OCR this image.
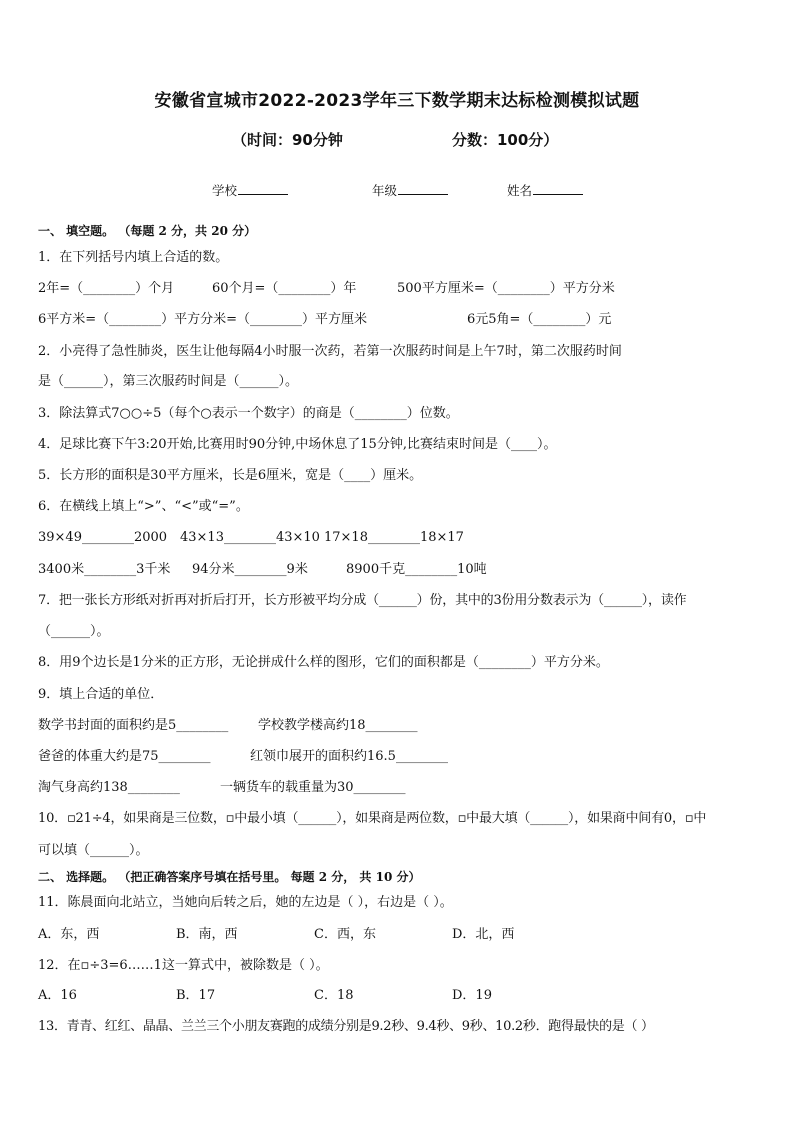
安徽省宣城市2022-2023学年三下数学期末达标检测模拟试题
（时间：90分钟	分数：100分）
学校	年级	姓名
一、 填空题。 （每题 2 分，共 20 分）
1．在下列括号内填上合适的数。
2年=（________）个月	60个月=（________）年	500平方厘米=（________）平方分米
6平方米=（________）平方分米=（________）平方厘米	6元5角=（________）元
2．小亮得了急性肺炎，医生让他每隔4小时服一次药，若第一次服药时间是上午7时，第二次服药时间
是（______），第三次服药时间是（______）。
3．除法算式7○○÷5（每个○表示一个数字）的商是（________）位数。
4．足球比赛下午3:20开始,比赛用时90分钟,中场休息了15分钟,比赛结束时间是（____）。
5．长方形的面积是30平方厘米，长是6厘米，宽是（____）厘米。
6．在横线上填上“>”、“<”或“=”。
39×49________2000 43×13________43×10 17×18________18×17
3400米________3千米 94分米________9米	8900千克________10吨
7．把一张长方形纸对折再对折后打开，长方形被平均分成（______）份，其中的3份用分数表示为（______），读作
（______）。
8．用9个边长是1分米的正方形，无论拼成什么样的图形，它们的面积都是（________）平方分米。
9．填上合适的单位．
数学书封面的面积约是5________ 学校教学楼高约18________
爸爸的体重大约是75________	红领巾展开的面积约16.5________
淘气身高约138________	一辆货车的载重量为30________
10．▫21÷4，如果商是三位数，▫中最小填（______），如果商是两位数，▫中最大填（______），如果商中间有0，▫中
可以填（______）。
二、 选择题。 （把正确答案序号填在括号里。 每题 2 分， 共 10 分）
11．陈晨面向北站立，当她向后转之后，她的左边是（ ），右边是（ ）。
A．东，西	B．南，西	C．西，东	D．北，西
12．在▫÷3=6……1这一算式中，被除数是（ ）。
A．16	B．17	C．18	D．19
13．青青、红红、晶晶、兰兰三个小朋友赛跑的成绩分别是9.2秒、9.4秒、9秒、10.2秒．跑得最快的是（ ）
